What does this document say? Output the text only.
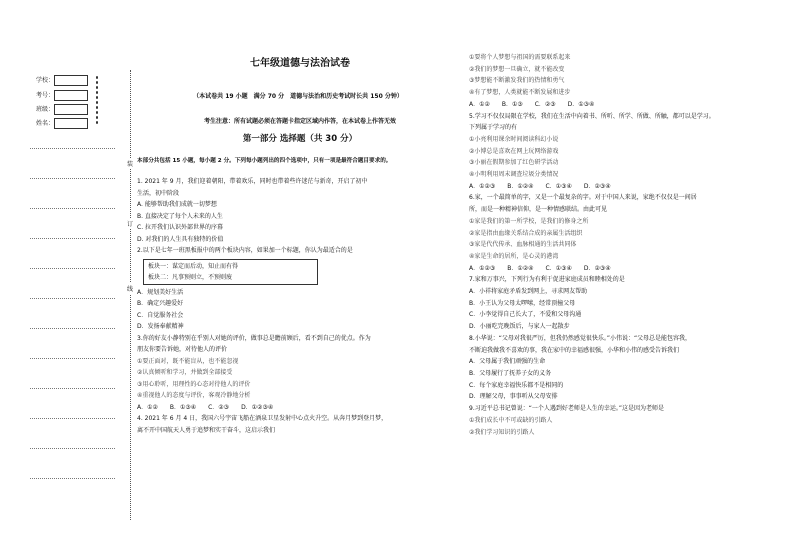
学校：
考号：
班级：
姓名：
装
订
线
七年级道德与法治试卷
（本试卷共 19 小题　满分 70 分　道德与法治和历史考试时长共 150 分钟）
考生注意：所有试题必须在答题卡指定区域内作答，在本试卷上作答无效
第一部分 选择题（共 30 分）

本部分共包括 15 小题，每小题 2 分。下列每小题列出的四个选项中，只有一项是最符合题目要求的。

1. 2021 年 9 月，我们迎着朝阳，带着欢乐，同时也带着些许迷茫与新奇，开启了初中

生活，初中阶段

A. 能够帮助我们成就一切梦想

B. 直接决定了每个人未来的人生

C. 拉开我们认识外部世界的序幕

D. 对我们的人生具有独特的价值

2.以下是七年一班黑板报中的两个板块内容，如果加一个标题，你认为最适合的是

板块一：谋定而后动，知止而有得

板块二：凡事预则立，不预则废

A．规划美好生活

B．确定兴趣爱好

C．自觉服务社会

D．发扬奉献精神

3.你的好友小静特别在乎别人对她的评价，做事总是瞻前顾后，看不到自己的优点。作为

朋友你要告诉她，对待他人的评价

①要正面对，既不能盲从，也不能忽视

②认真倾听和学习，并做到全部接受

③用心聆听，用理性的心态对待他人的评价

④重视他人的态度与评价，客观冷静地分析

A．①②　　B．①③④　　C．②③　　D．①②③④

4. 2021 年 6 月 4 日，我国六号宇宙飞船在酒泉卫星发射中心点火升空。从奔月梦到登月梦，

离不开中国航天人勇于追梦和实干奋斗，这启示我们

①要将个人梦想与祖国的需要联系起来

②我们的梦想一旦确立，就不能改变

③梦想能不断激发我们的热情和勇气

④有了梦想，人类就能不断发展和进步

A．①②　　B．①③　　C．②③　　D．①③④

5.学习不仅仅局限在学校，我们在生活中向着书、所听、所学、所做、所触，都可以是学习。

下列属于学习的有

①小亮利用课余时间阅读科幻小说

②小博总是喜欢在网上玩网络游戏

③小丽在假期参加了红色研学活动

④小明利用周末调查垃圾分类情况

A．①②③　　B．①②④　　C．①③④　　D．②③④

6.家，一个最简单的字，又是一个最复杂的字。对于中国人来说，家绝不仅仅是一间居

所，而是一种精神信仰，是一种情感联结。由此可见

①家是我们的第一所学校，是我们的修身之所

②家是指由血缘关系结合成的亲属生活组织

③家是代代传承、血脉相通的生活共同体

④家是生命的居所，是心灵的港湾

A．①②③　　B．①②④　　C．①③④　　D．②③④

7.家和万事兴，下列行为有利于促进家庭成员和睦相处的是

A．小祥将家庭矛盾发到网上，寻求网友帮助

B．小王认为父母太啰嗦，经常顶撞父母

C．小李觉得自己长大了，不爱和父母沟通

D．小丽吃完晚饭后，与家人一起散步

8.小华说：“父母对我很严厉，但我仍然感觉很快乐。”小伟说：“父母总是能包容我，

不断迫我做我不喜欢的事，我在家中的幸福感很强，小华和小伟的感受告诉我们

A．父母属于我们顽强的生命

B．父母履行了抚养子女的义务

C．每个家庭幸福快乐都不是相同的

D．理解父母，事事听从父母安排

9.习近平总书记曾说：“一个人遇到好老师是人生的幸运。”这是因为老师是

①我们成长中不可或缺的引路人

②我们学习知识的引路人
